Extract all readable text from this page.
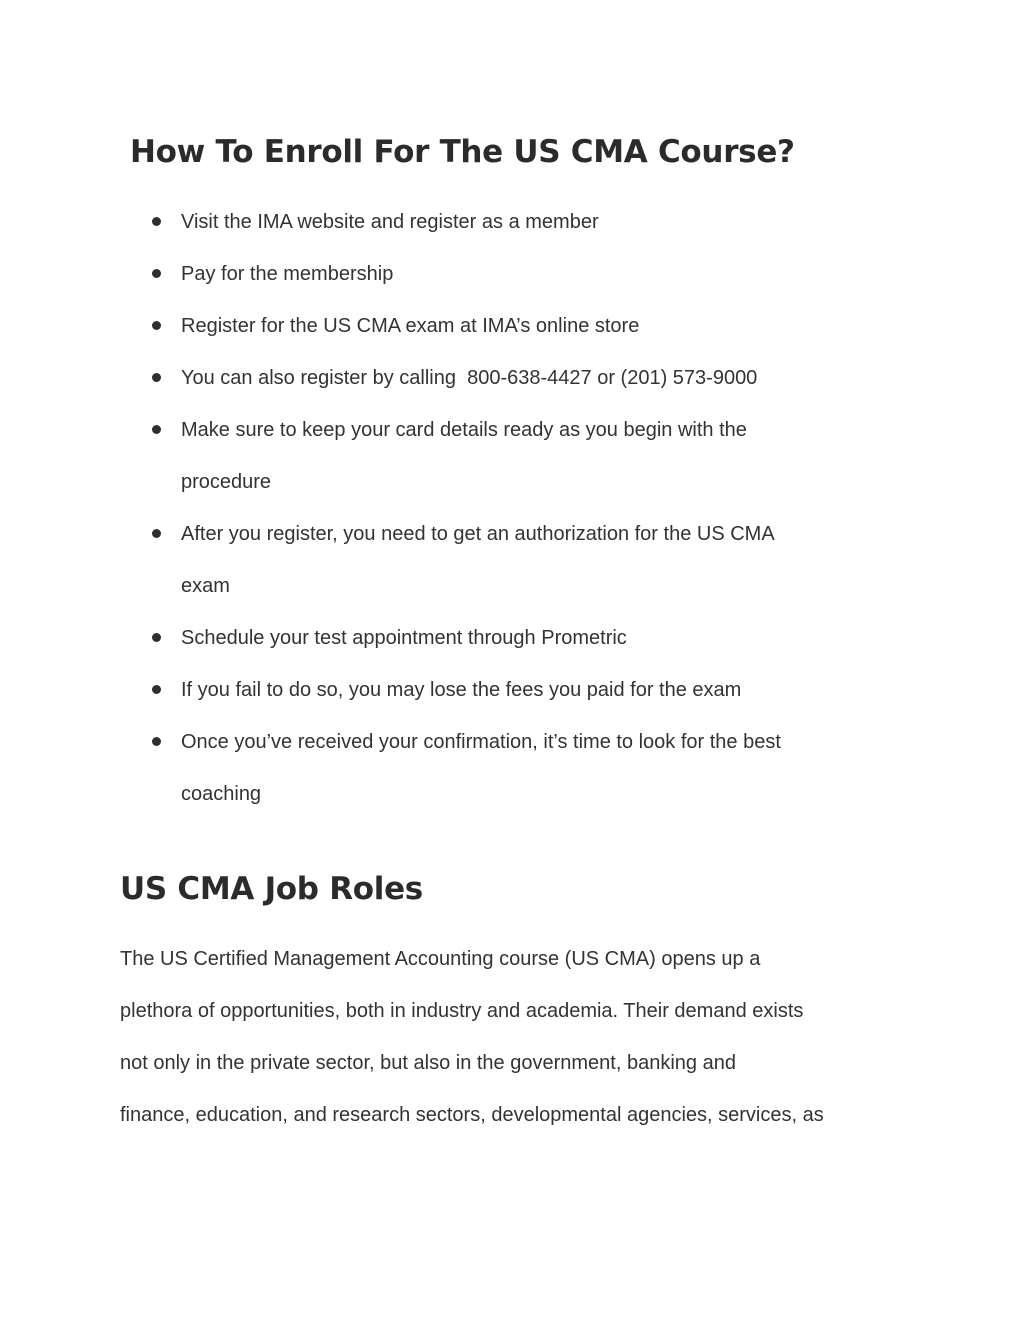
How To Enroll For The US CMA Course?
Visit the IMA website and register as a member
Pay for the membership
Register for the US CMA exam at IMA’s online store
You can also register by calling  800-638-4427 or (201) 573-9000
Make sure to keep your card details ready as you begin with the
procedure
After you register, you need to get an authorization for the US CMA
exam
Schedule your test appointment through Prometric
If you fail to do so, you may lose the fees you paid for the exam
Once you’ve received your confirmation, it’s time to look for the best
coaching
US CMA Job Roles

The US Certified Management Accounting course (US CMA) opens up a
plethora of opportunities, both in industry and academia. Their demand exists
not only in the private sector, but also in the government, banking and
finance, education, and research sectors, developmental agencies, services, as
